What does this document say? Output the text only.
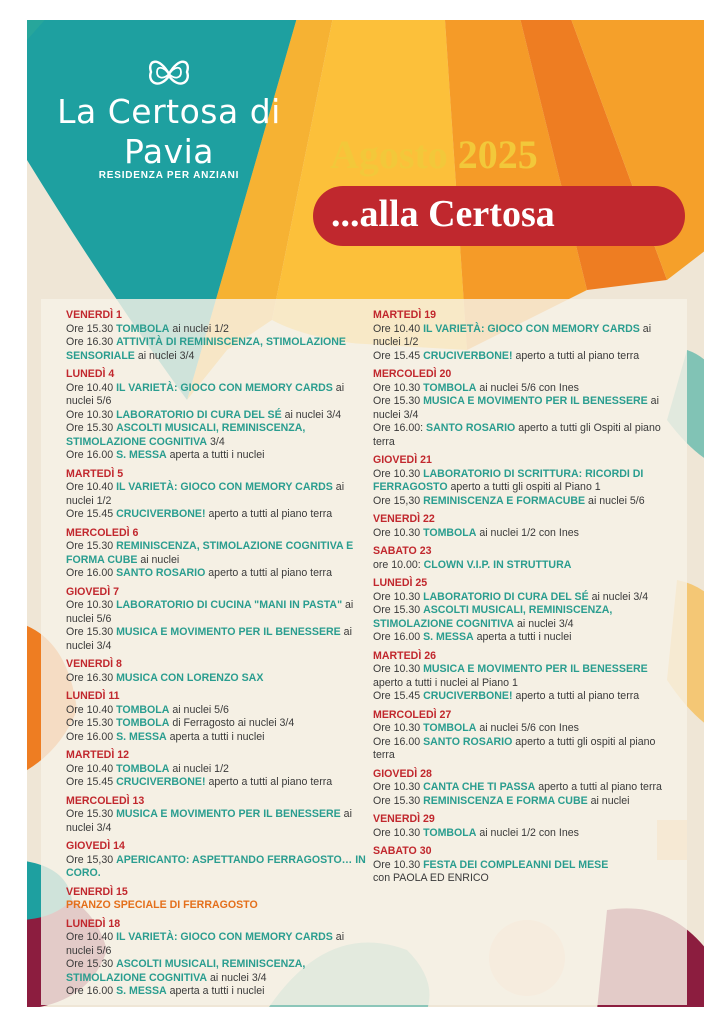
La Certosa di Pavia
RESIDENZA PER ANZIANI	Agosto 2025
...alla Certosa
VENERDÌ 1
Ore 15.30 TOMBOLA ai nuclei 1/2
Ore 16.30 ATTIVITÀ DI REMINISCENZA, STIMOLAZIONE SENSORIALE ai nuclei 3/4
LUNEDÌ 4
Ore 10.40 IL VARIETÀ: GIOCO CON MEMORY CARDS ai nuclei 5/6
Ore 10.30 LABORATORIO DI CURA DEL SÉ ai nuclei 3/4
Ore 15.30 ASCOLTI MUSICALI, REMINISCENZA, STIMOLAZIONE COGNITIVA 3/4
Ore 16.00 S. MESSA aperta a tutti i nuclei
MARTEDÌ 5
Ore 10.40 IL VARIETÀ: GIOCO CON MEMORY CARDS ai nuclei 1/2
Ore 15.45 CRUCIVERBONE! aperto a tutti al piano terra
MERCOLEDÌ 6
Ore 15.30 REMINISCENZA, STIMOLAZIONE COGNITIVA E FORMA CUBE ai nuclei
Ore 16.00 SANTO ROSARIO aperto a tutti al piano terra
GIOVEDÌ 7
Ore 10.30 LABORATORIO DI CUCINA "MANI IN PASTA" ai nuclei 5/6
Ore 15.30 MUSICA E MOVIMENTO PER IL BENESSERE ai nuclei 3/4
VENERDÌ 8
Ore 16.30 MUSICA CON LORENZO SAX
LUNEDÌ 11
Ore 10.40 TOMBOLA ai nuclei 5/6
Ore 15.30 TOMBOLA di Ferragosto ai nuclei 3/4
Ore 16.00 S. MESSA aperta a tutti i nuclei
MARTEDÌ 12
Ore 10.40 TOMBOLA ai nuclei 1/2
Ore 15.45 CRUCIVERBONE! aperto a tutti al piano terra
MERCOLEDÌ 13
Ore 15.30 MUSICA E MOVIMENTO PER IL BENESSERE ai nuclei 3/4
GIOVEDÌ 14
Ore 15,30 APERICANTO: ASPETTANDO FERRAGOSTO… IN CORO.
VENERDÌ 15
PRANZO SPECIALE DI FERRAGOSTO
LUNEDÌ 18
Ore 10.40 IL VARIETÀ: GIOCO CON MEMORY CARDS ai nuclei 5/6
Ore 15.30 ASCOLTI MUSICALI, REMINISCENZA, STIMOLAZIONE COGNITIVA ai nuclei 3/4
Ore 16.00 S. MESSA aperta a tutti i nuclei
MARTEDÌ 19
Ore 10.40 IL VARIETÀ: GIOCO CON MEMORY CARDS ai nuclei 1/2
Ore 15.45 CRUCIVERBONE! aperto a tutti al piano terra
MERCOLEDÌ 20
Ore 10.30 TOMBOLA ai nuclei 5/6 con Ines
Ore 15.30 MUSICA E MOVIMENTO PER IL BENESSERE ai nuclei 3/4
Ore 16.00: SANTO ROSARIO aperto a tutti gli Ospiti al piano terra
GIOVEDÌ 21
Ore 10.30 LABORATORIO DI SCRITTURA: RICORDI DI FERRAGOSTO aperto a tutti gli ospiti al Piano 1
Ore 15,30 REMINISCENZA E FORMACUBE ai nuclei 5/6
VENERDÌ 22
Ore 10.30 TOMBOLA ai nuclei 1/2 con Ines
SABATO 23
ore 10.00: CLOWN V.I.P. IN STRUTTURA
LUNEDÌ 25
Ore 10.30 LABORATORIO DI CURA DEL SÉ ai nuclei 3/4
Ore 15.30 ASCOLTI MUSICALI, REMINISCENZA, STIMOLAZIONE COGNITIVA ai nuclei 3/4
Ore 16.00 S. MESSA aperta a tutti i nuclei
MARTEDÌ 26
Ore 10.30 MUSICA E MOVIMENTO PER IL BENESSERE aperto a tutti i nuclei al Piano 1
Ore 15.45 CRUCIVERBONE! aperto a tutti al piano terra
MERCOLEDÌ 27
Ore 10.30 TOMBOLA ai nuclei 5/6 con Ines
Ore 16.00 SANTO ROSARIO aperto a tutti gli ospiti al piano terra
GIOVEDÌ 28
Ore 10.30 CANTA CHE TI PASSA aperto a tutti al piano terra
Ore 15.30 REMINISCENZA E FORMA CUBE ai nuclei
VENERDÌ 29
Ore 10.30 TOMBOLA ai nuclei 1/2 con Ines
SABATO 30
Ore 10.30 FESTA DEI COMPLEANNI DEL MESE
con PAOLA ED ENRICO
